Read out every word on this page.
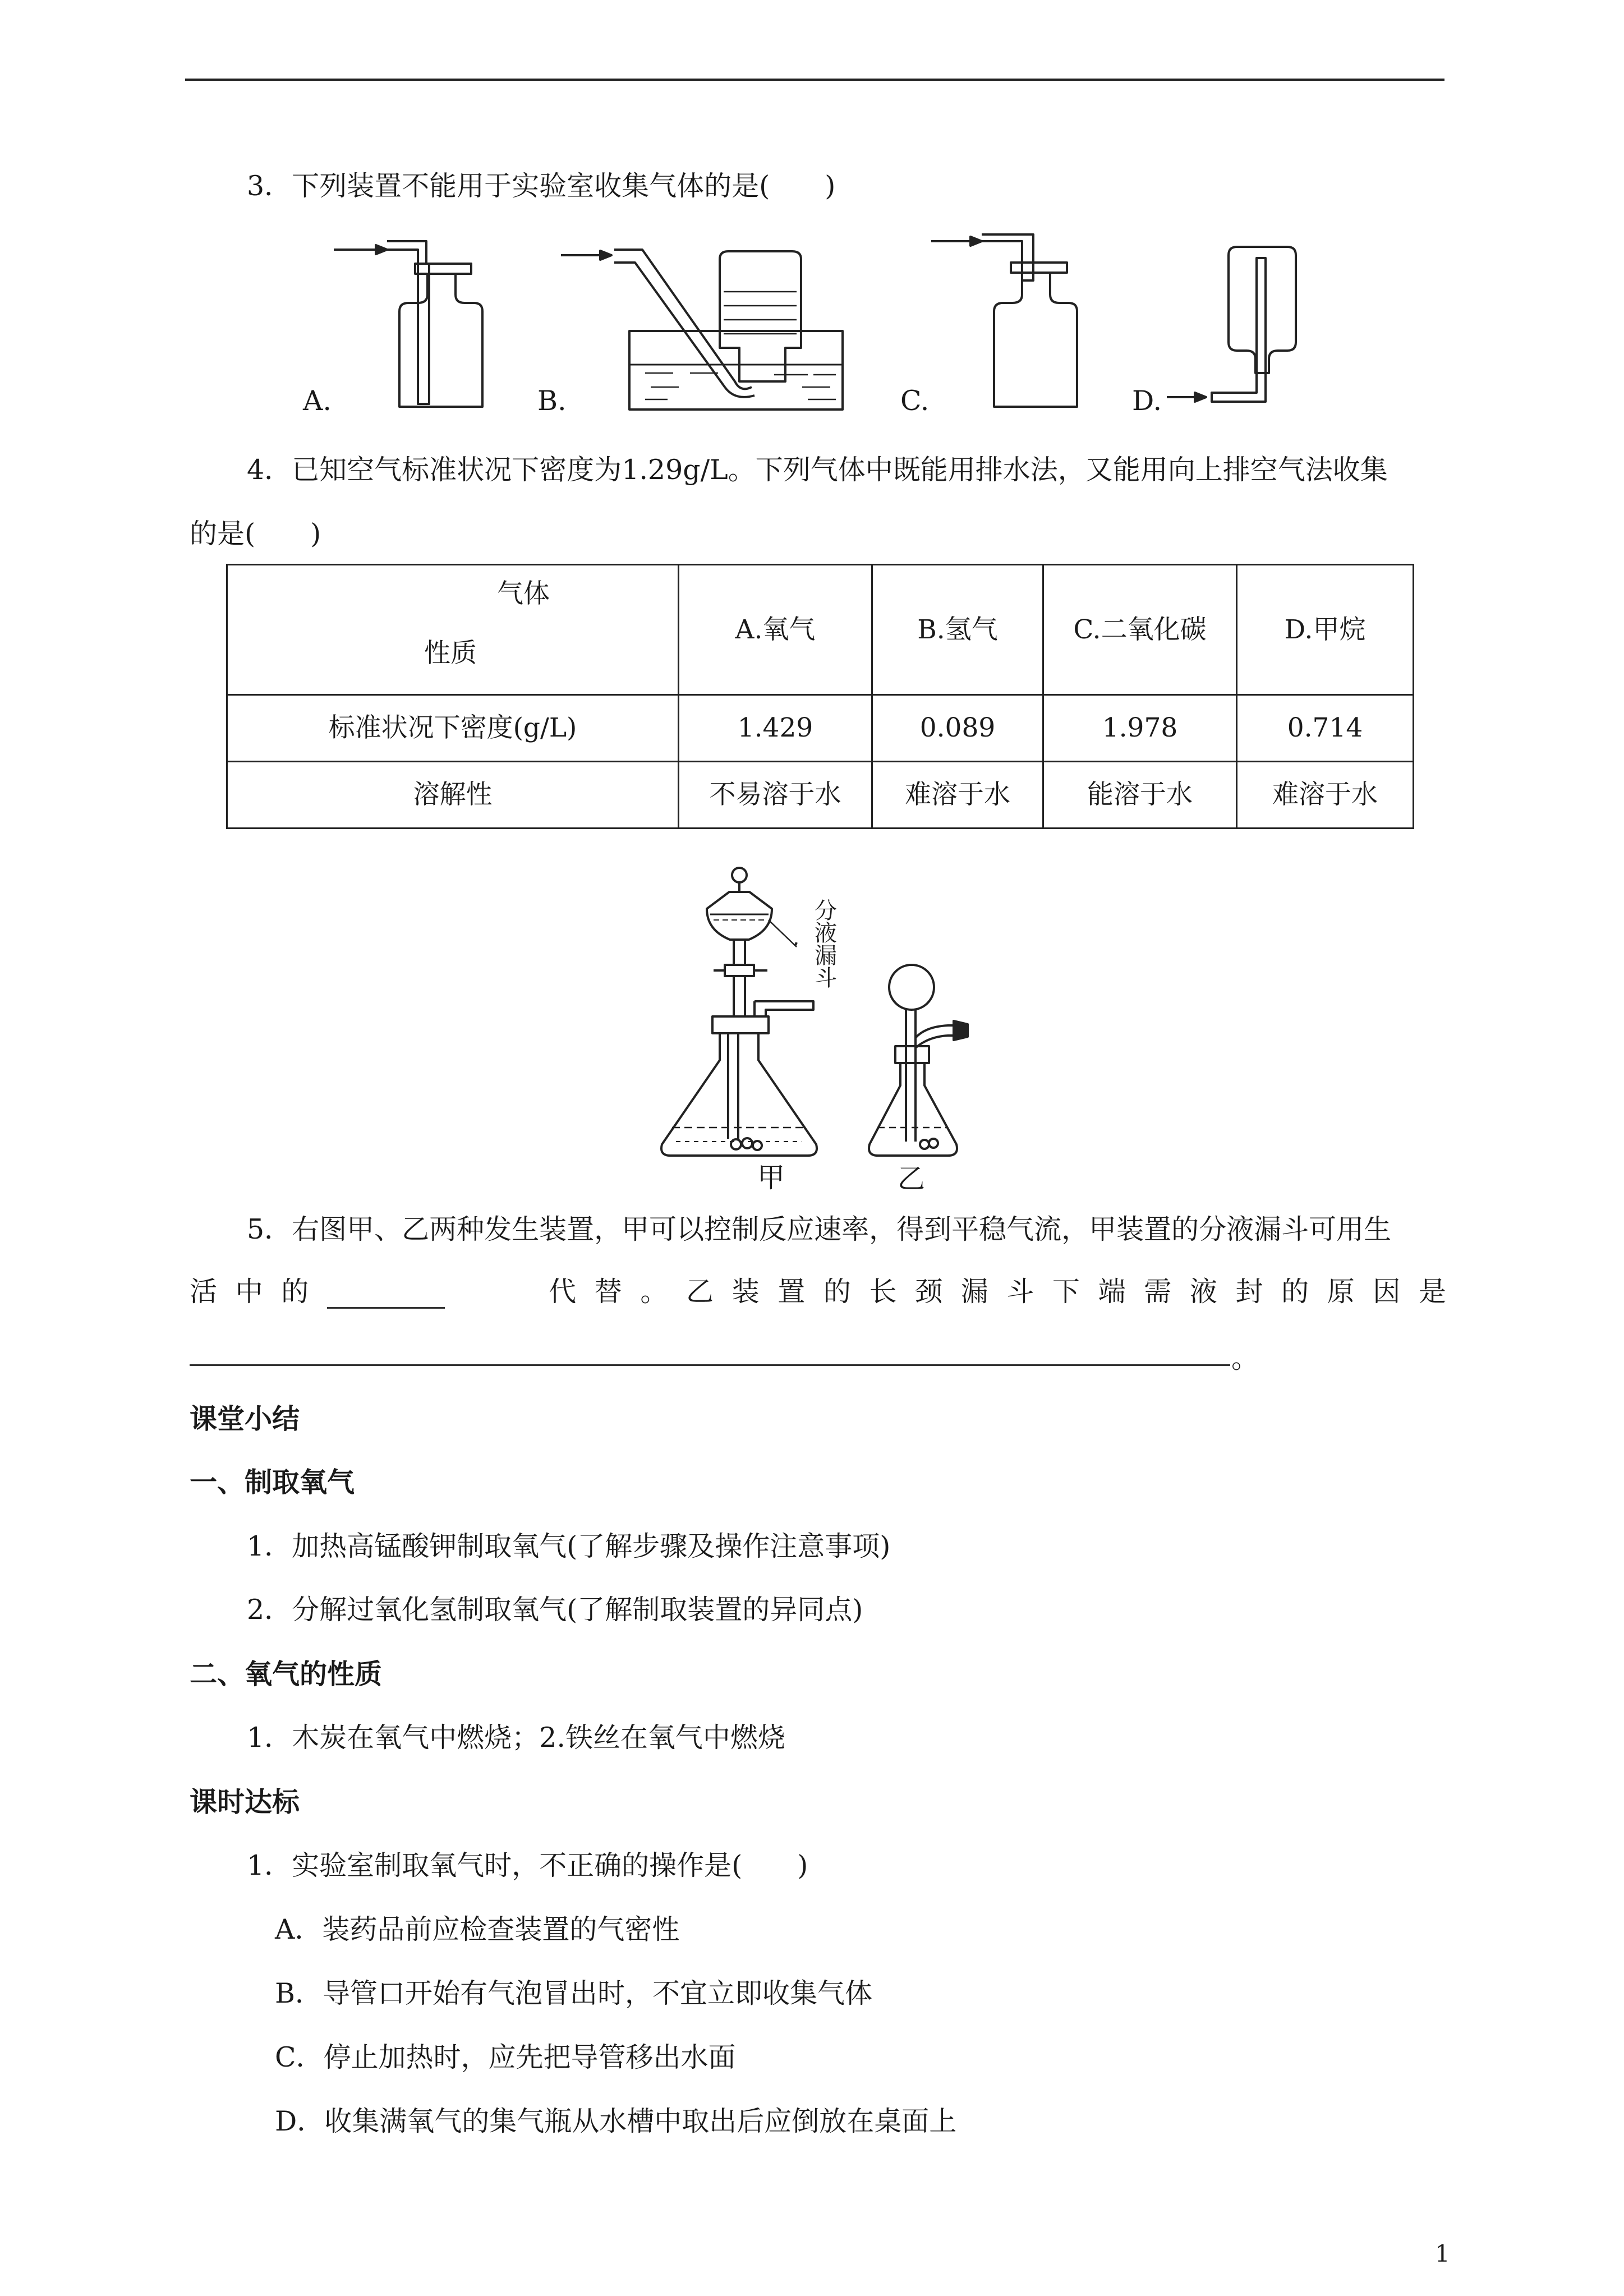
3．下列装置不能用于实验室收集气体的是(　　)
A.	B.	C.	D.
4．已知空气标准状况下密度为1.29g/L。下列气体中既能用排水法，又能用向上排空气法收集
的是(　　)
气体
性质	A.氧气	B.氢气	C.二氧化碳	D.甲烷
标准状况下密度(g/L)	1.429	0.089	1.978	0.714
溶解性	不易溶于水	难溶于水	能溶于水	难溶于水
分
液
漏
斗
甲	乙
5．右图甲、乙两种发生装置，甲可以控制反应速率，得到平稳气流，甲装置的分液漏斗可用生
活 中 的	代 替 。 乙 装 置 的 长 颈 漏 斗 下 端 需 液 封 的 原 因 是
。
课堂小结
一、制取氧气
1．加热高锰酸钾制取氧气(了解步骤及操作注意事项)
2．分解过氧化氢制取氧气(了解制取装置的异同点)
二、氧气的性质
1．木炭在氧气中燃烧；2.铁丝在氧气中燃烧
课时达标
1．实验室制取氧气时，不正确的操作是(　　)
A．装药品前应检查装置的气密性
B．导管口开始有气泡冒出时，不宜立即收集气体
C．停止加热时，应先把导管移出水面
D．收集满氧气的集气瓶从水槽中取出后应倒放在桌面上
1
